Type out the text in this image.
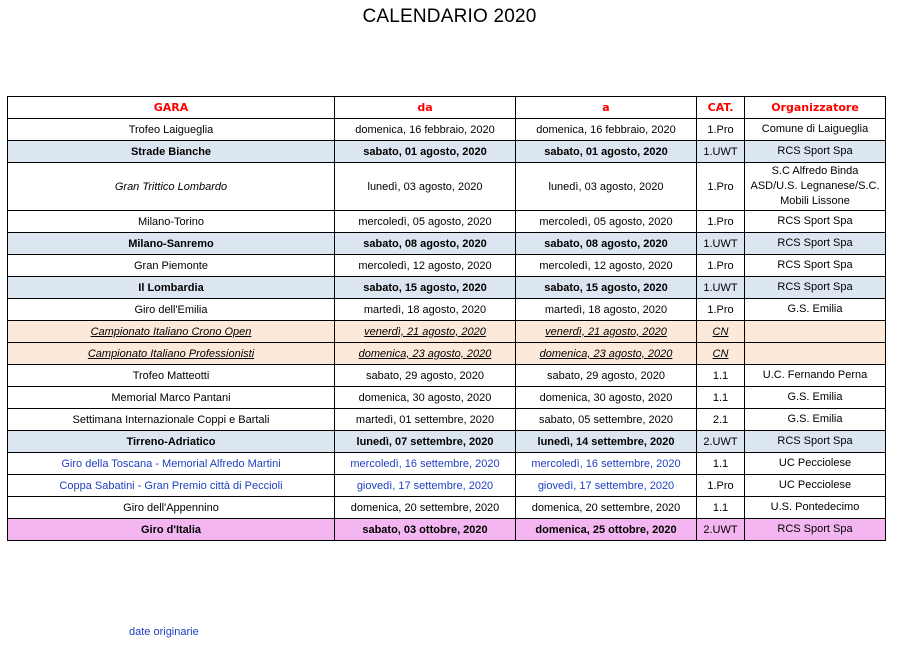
CALENDARIO 2020
GARA	da	a	CAT.	Organizzatore
Trofeo Laigueglia	domenica, 16 febbraio, 2020	domenica, 16 febbraio, 2020	1.Pro	Comune di Laigueglia
Strade Bianche	sabato, 01 agosto, 2020	sabato, 01 agosto, 2020	1.UWT	RCS Sport Spa
Gran Trittico Lombardo	lunedì, 03 agosto, 2020	lunedì, 03 agosto, 2020	1.Pro	S.C Alfredo Binda ASD/U.S. Legnanese/S.C. Mobili Lissone
Milano-Torino	mercoledì, 05 agosto, 2020	mercoledì, 05 agosto, 2020	1.Pro	RCS Sport Spa
Milano-Sanremo	sabato, 08 agosto, 2020	sabato, 08 agosto, 2020	1.UWT	RCS Sport Spa
Gran Piemonte	mercoledì, 12 agosto, 2020	mercoledì, 12 agosto, 2020	1.Pro	RCS Sport Spa
Il Lombardia	sabato, 15 agosto, 2020	sabato, 15 agosto, 2020	1.UWT	RCS Sport Spa
Giro dell'Emilia	martedì, 18 agosto, 2020	martedì, 18 agosto, 2020	1.Pro	G.S. Emilia
Campionato Italiano Crono Open	venerdì, 21 agosto, 2020	venerdì, 21 agosto, 2020	CN	
Campionato Italiano Professionisti	domenica, 23 agosto, 2020	domenica, 23 agosto, 2020	CN	
Trofeo Matteotti	sabato, 29 agosto, 2020	sabato, 29 agosto, 2020	1.1	U.C. Fernando Perna
Memorial Marco Pantani	domenica, 30 agosto, 2020	domenica, 30 agosto, 2020	1.1	G.S. Emilia
Settimana Internazionale Coppi e Bartali	martedì, 01 settembre, 2020	sabato, 05 settembre, 2020	2.1	G.S. Emilia
Tirreno-Adriatico	lunedì, 07 settembre, 2020	lunedì, 14 settembre, 2020	2.UWT	RCS Sport Spa
Giro della Toscana - Memorial Alfredo Martini	mercoledì, 16 settembre, 2020	mercoledì, 16 settembre, 2020	1.1	UC Pecciolese
Coppa Sabatini - Gran Premio città di Peccioli	giovedì, 17 settembre, 2020	giovedì, 17 settembre, 2020	1.Pro	UC Pecciolese
Giro dell'Appennino	domenica, 20 settembre, 2020	domenica, 20 settembre, 2020	1.1	U.S. Pontedecimo
Giro d'Italia	sabato, 03 ottobre, 2020	domenica, 25 ottobre, 2020	2.UWT	RCS Sport Spa
date originarie
